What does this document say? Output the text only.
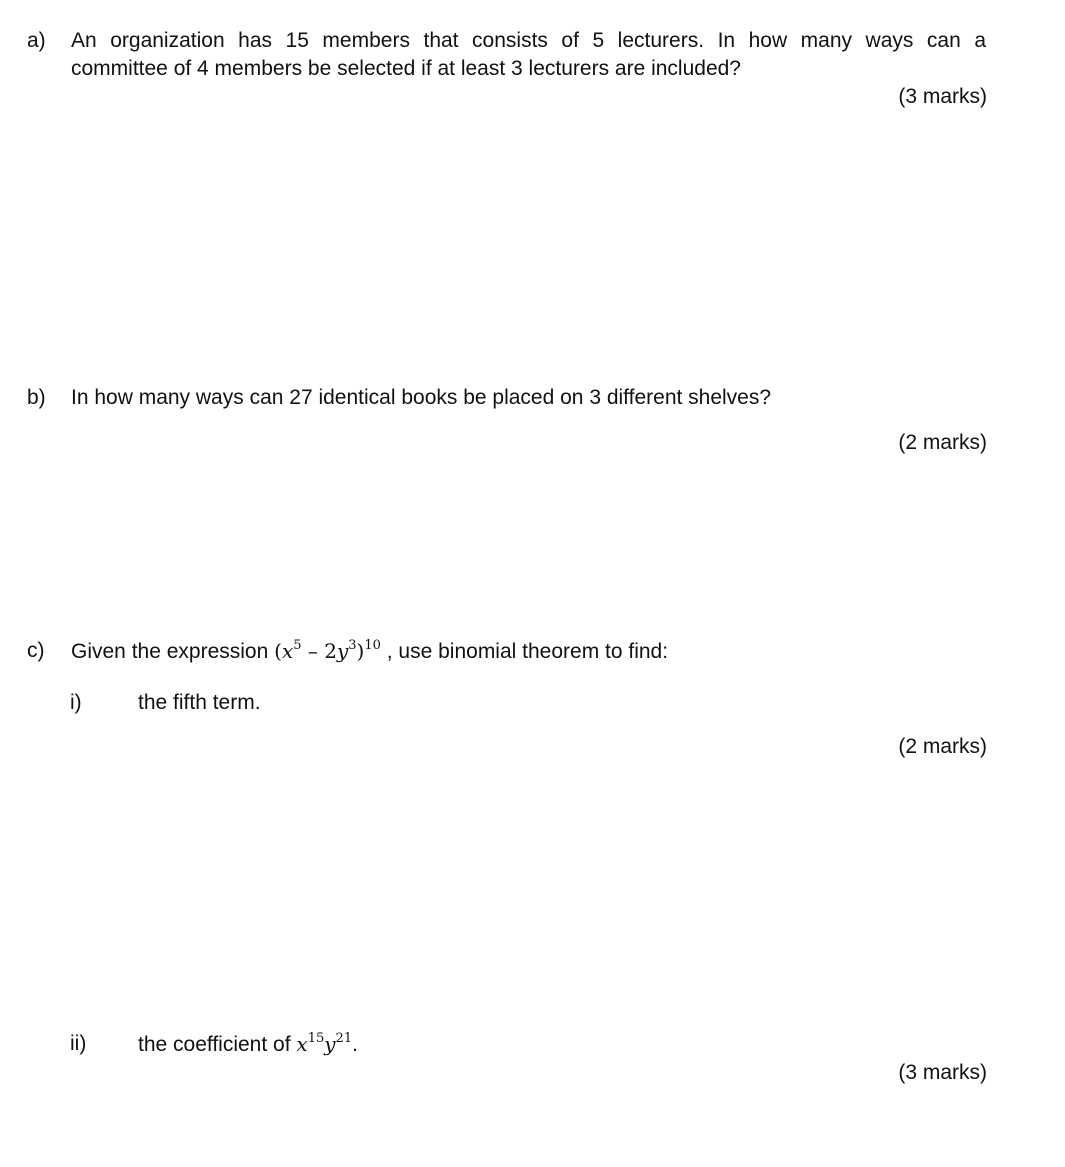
a) An organization has 15 members that consists of 5 lecturers. In how many ways can a
committee of 4 members be selected if at least 3 lecturers are included?
(3 marks)
b) In how many ways can 27 identical books be placed on 3 different shelves?
(2 marks)
c) Given the expression $(x^5 - 2y^3)^{10}$ , use binomial theorem to find:
i)	the fifth term.
(2 marks)
ii) the coefficient of $x^{15}y^{21}$.
(3 marks)
